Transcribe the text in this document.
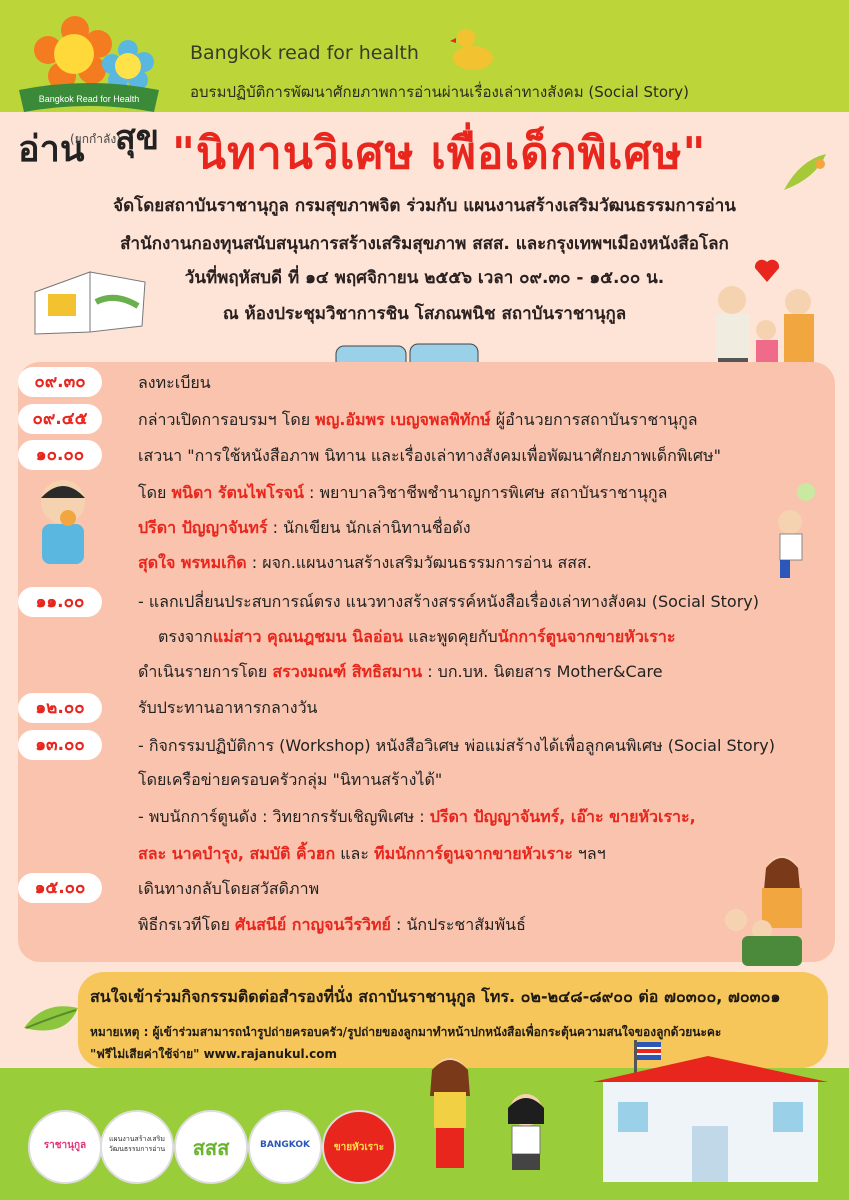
Bangkok Read for Health
อ่าน
(ยกกำลัง)
สุข
Bangkok read for health
อบรมปฏิบัติการพัฒนาศักยภาพการอ่านผ่านเรื่องเล่าทางสังคม (Social Story)
"นิทานวิเศษ เพื่อเด็กพิเศษ"
จัดโดยสถาบันราชานุกูล กรมสุขภาพจิต ร่วมกับ แผนงานสร้างเสริมวัฒนธรรมการอ่าน
สำนักงานกองทุนสนับสนุนการสร้างเสริมสุขภาพ สสส. และกรุงเทพฯเมืองหนังสือโลก
วันที่พฤหัสบดี ที่ ๑๔ พฤศจิกายน ๒๕๕๖ เวลา ๐๙.๓๐ - ๑๕.๐๐ น.
ณ ห้องประชุมวิชาการชิน โสภณพนิช สถาบันราชานุกูล
๐๙.๓๐	ลงทะเบียน
๐๙.๔๕	กล่าวเปิดการอบรมฯ โดย พญ.อัมพร เบญจพลพิทักษ์ ผู้อำนวยการสถาบันราชานุกูล
๑๐.๐๐	เสวนา "การใช้หนังสือภาพ นิทาน และเรื่องเล่าทางสังคมเพื่อพัฒนาศักยภาพเด็กพิเศษ"
โดย พนิดา รัตนไพโรจน์ : พยาบาลวิชาชีพชำนาญการพิเศษ สถาบันราชานุกูล
ปรีดา ปัญญาจันทร์ : นักเขียน นักเล่านิทานชื่อดัง
สุดใจ พรหมเกิด : ผจก.แผนงานสร้างเสริมวัฒนธรรมการอ่าน สสส.
๑๑.๐๐	- แลกเปลี่ยนประสบการณ์ตรง แนวทางสร้างสรรค์หนังสือเรื่องเล่าทางสังคม (Social Story)
ตรงจากแม่สาว คุณนฎชมน นิลอ่อน และพูดคุยกับนักการ์ตูนจากขายหัวเราะ
ดำเนินรายการโดย สรวงมณฑ์ สิทธิสมาน : บก.บห. นิตยสาร Mother&Care
๑๒.๐๐	รับประทานอาหารกลางวัน
๑๓.๐๐	- กิจกรรมปฏิบัติการ (Workshop) หนังสือวิเศษ พ่อแม่สร้างได้เพื่อลูกคนพิเศษ (Social Story)
โดยเครือข่ายครอบครัวกลุ่ม "นิทานสร้างได้"
- พบนักการ์ตูนดัง : วิทยากรรับเชิญพิเศษ : ปรีดา ปัญญาจันทร์, เอ๊าะ ขายหัวเราะ,
สละ นาคบำรุง, สมบัติ คิ้วฮก และ ทีมนักการ์ตูนจากขายหัวเราะ ฯลฯ
๑๕.๐๐	เดินทางกลับโดยสวัสดิภาพ
พิธีกรเวทีโดย ศันสนีย์ กาญจนวีรวิทย์ : นักประชาสัมพันธ์
สนใจเข้าร่วมกิจกรรมติดต่อสำรองที่นั่ง สถาบันราชานุกูล โทร. ๐๒-๒๔๘-๘๙๐๐ ต่อ ๗๐๓๐๐, ๗๐๓๐๑
หมายเหตุ : ผู้เข้าร่วมสามารถนำรูปถ่ายครอบครัว/รูปถ่ายของลูกมาทำหน้าปกหนังสือเพื่อกระตุ้นความสนใจของลูกด้วยนะคะ
"ฟรีไม่เสียค่าใช้จ่าย" www.rajanukul.com
ราชานุกูล
แผนงานสร้างเสริมวัฒนธรรมการอ่าน	สสส	BANGKOK	ขายหัวเราะ
